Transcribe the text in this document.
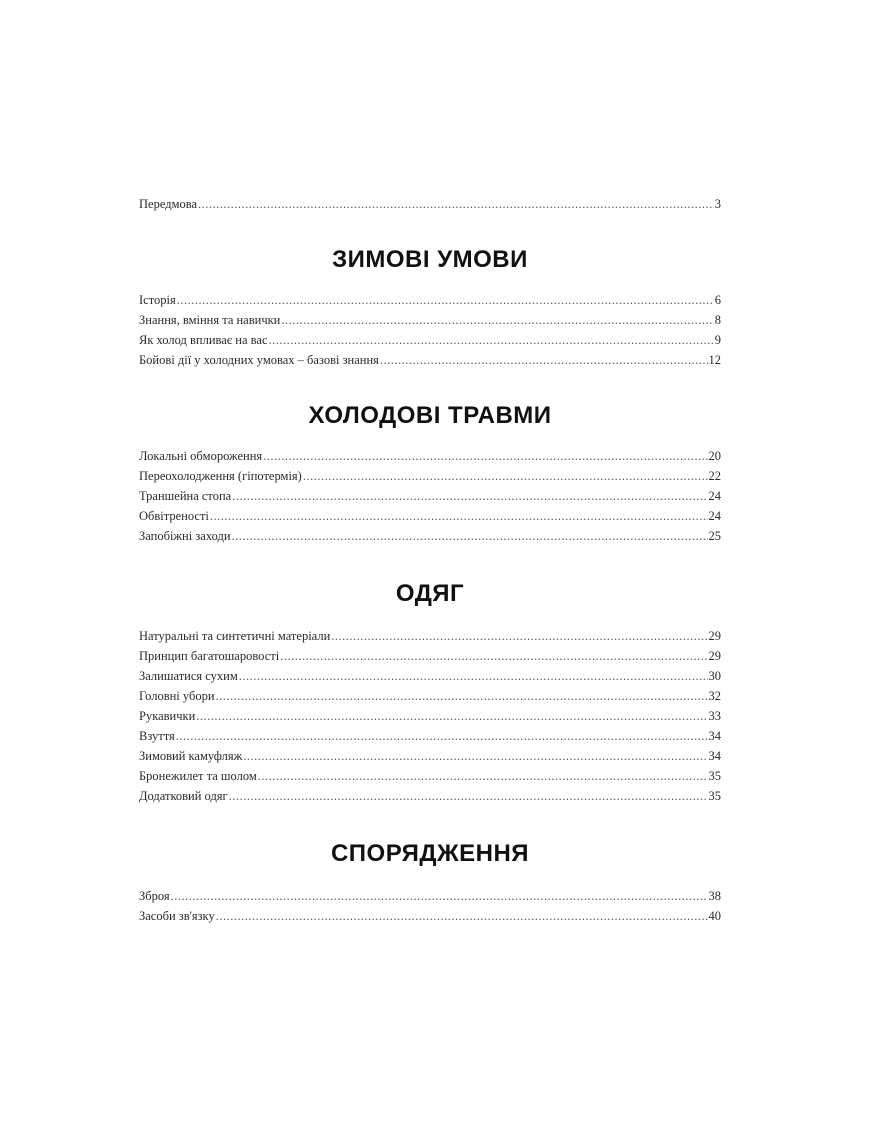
Передмова .....	3
ЗИМОВІ УМОВИ
Історія .....	6
Знання, вміння та навички .....	8
Як холод впливає на вас .....	9
Бойові дії у холодних умовах – базові знання .....	12
ХОЛОДОВІ ТРАВМИ
Локальні обмороження .....	20
Переохолодження (гіпотермія) .....	22
Траншейна стопа .....	24
Обвітреності .....	24
Запобіжні заходи .....	25
ОДЯГ
Натуральні та синтетичні матеріали .....	29
Принцип багатошаровості .....	29
Залишатися сухим .....	30
Головні убори .....	32
Рукавички .....	33
Взуття .....	34
Зимовий камуфляж .....	34
Бронежилет та шолом .....	35
Додатковий одяг .....	35
СПОРЯДЖЕННЯ
Зброя .....	38
Засоби зв'язку .....	40
